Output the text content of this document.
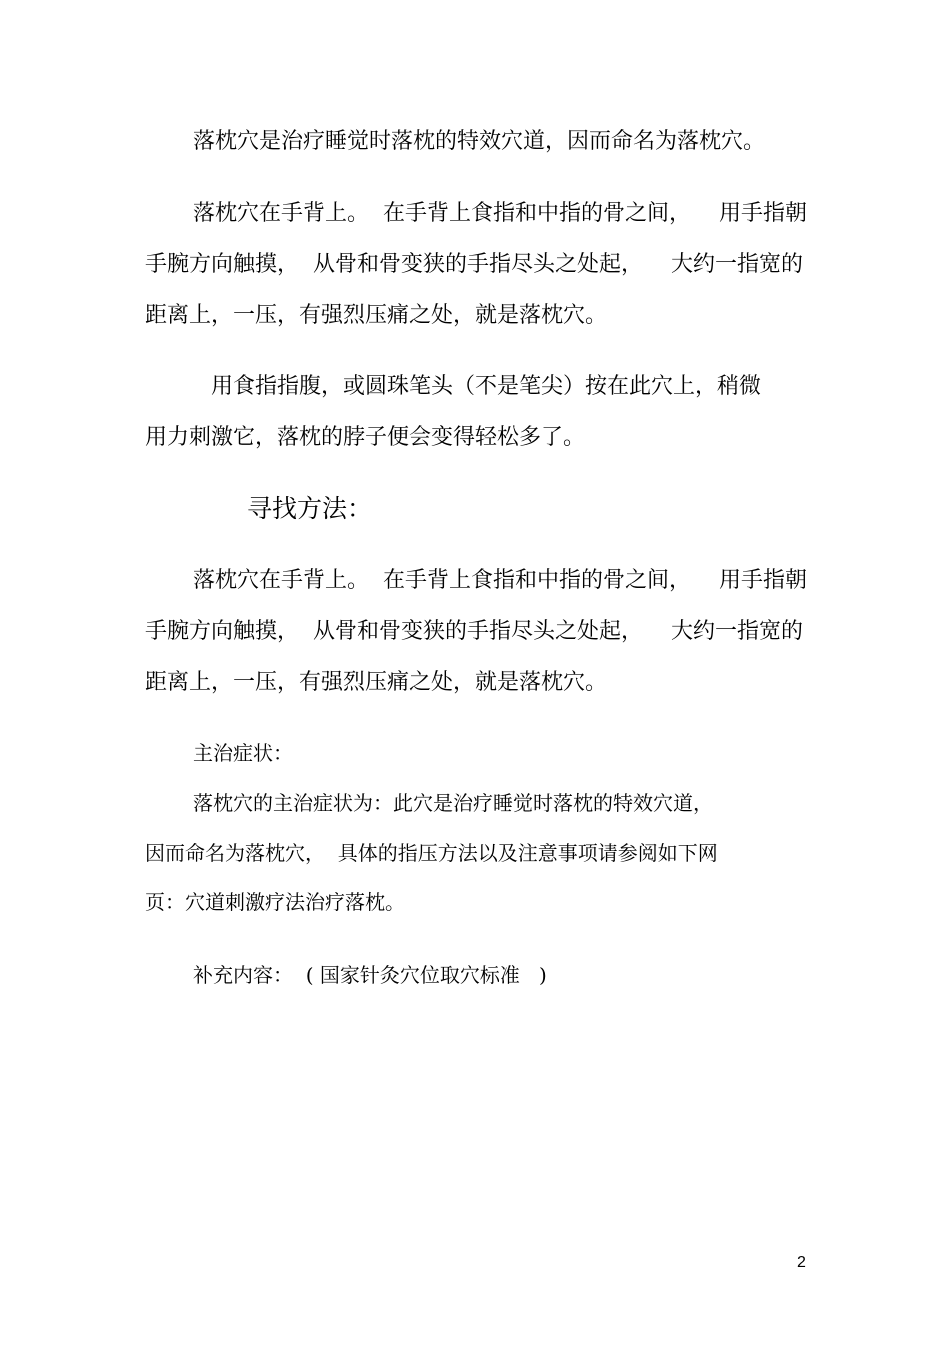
落枕穴是治疗睡觉时落枕的特效穴道，因而命名为落枕穴。

落枕穴在手背上。  在手背上食指和中指的骨之间，    用手指朝

手腕方向触摸，  从骨和骨变狭的手指尽头之处起，    大约一指宽的

距离上，一压，有强烈压痛之处，就是落枕穴。

用食指指腹，或圆珠笔头（不是笔尖）按在此穴上，稍微

用力刺激它，落枕的脖子便会变得轻松多了。

寻找方法：

落枕穴在手背上。  在手背上食指和中指的骨之间，    用手指朝

手腕方向触摸，  从骨和骨变狭的手指尽头之处起，    大约一指宽的

距离上，一压，有强烈压痛之处，就是落枕穴。

主治症状：

落枕穴的主治症状为：此穴是治疗睡觉时落枕的特效穴道，

因而命名为落枕穴，  具体的指压方法以及注意事项请参阅如下网

页：穴道刺激疗法治疗落枕。

补充内容：  ( 国家针灸穴位取穴标准   )

2
